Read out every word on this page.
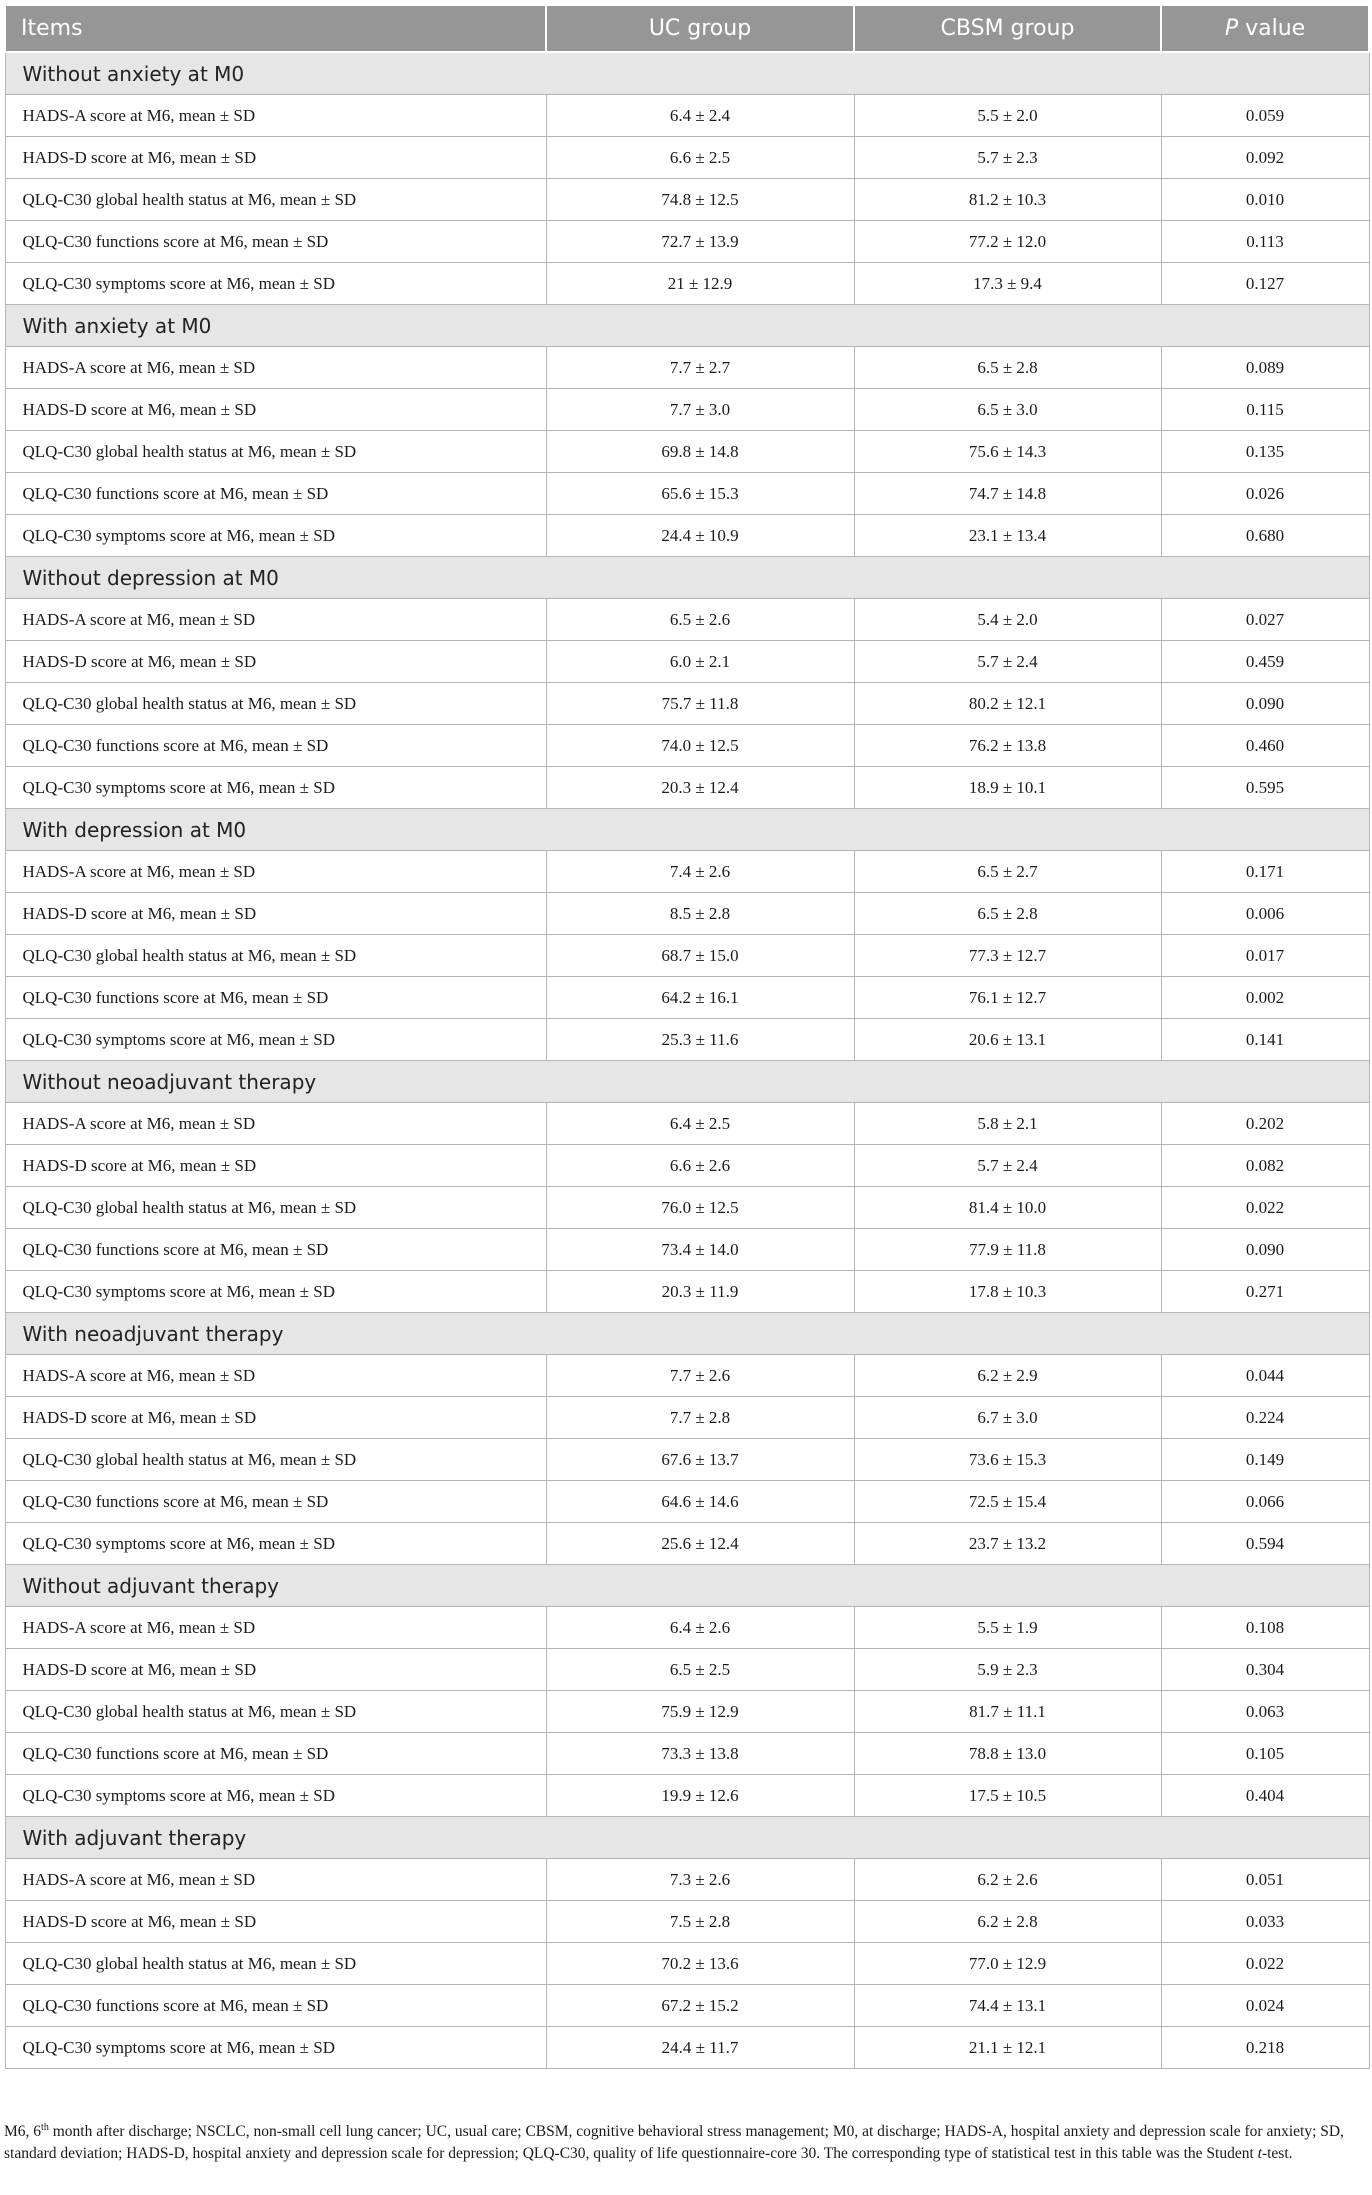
Items	UC group	CBSM group	P value
Without anxiety at M0			
HADS-A score at M6, mean ± SD	6.4 ± 2.4	5.5 ± 2.0	0.059
HADS-D score at M6, mean ± SD	6.6 ± 2.5	5.7 ± 2.3	0.092
QLQ-C30 global health status at M6, mean ± SD	74.8 ± 12.5	81.2 ± 10.3	0.010
QLQ-C30 functions score at M6, mean ± SD	72.7 ± 13.9	77.2 ± 12.0	0.113
QLQ-C30 symptoms score at M6, mean ± SD	21 ± 12.9	17.3 ± 9.4	0.127
With anxiety at M0			
HADS-A score at M6, mean ± SD	7.7 ± 2.7	6.5 ± 2.8	0.089
HADS-D score at M6, mean ± SD	7.7 ± 3.0	6.5 ± 3.0	0.115
QLQ-C30 global health status at M6, mean ± SD	69.8 ± 14.8	75.6 ± 14.3	0.135
QLQ-C30 functions score at M6, mean ± SD	65.6 ± 15.3	74.7 ± 14.8	0.026
QLQ-C30 symptoms score at M6, mean ± SD	24.4 ± 10.9	23.1 ± 13.4	0.680
Without depression at M0			
HADS-A score at M6, mean ± SD	6.5 ± 2.6	5.4 ± 2.0	0.027
HADS-D score at M6, mean ± SD	6.0 ± 2.1	5.7 ± 2.4	0.459
QLQ-C30 global health status at M6, mean ± SD	75.7 ± 11.8	80.2 ± 12.1	0.090
QLQ-C30 functions score at M6, mean ± SD	74.0 ± 12.5	76.2 ± 13.8	0.460
QLQ-C30 symptoms score at M6, mean ± SD	20.3 ± 12.4	18.9 ± 10.1	0.595
With depression at M0			
HADS-A score at M6, mean ± SD	7.4 ± 2.6	6.5 ± 2.7	0.171
HADS-D score at M6, mean ± SD	8.5 ± 2.8	6.5 ± 2.8	0.006
QLQ-C30 global health status at M6, mean ± SD	68.7 ± 15.0	77.3 ± 12.7	0.017
QLQ-C30 functions score at M6, mean ± SD	64.2 ± 16.1	76.1 ± 12.7	0.002
QLQ-C30 symptoms score at M6, mean ± SD	25.3 ± 11.6	20.6 ± 13.1	0.141
Without neoadjuvant therapy			
HADS-A score at M6, mean ± SD	6.4 ± 2.5	5.8 ± 2.1	0.202
HADS-D score at M6, mean ± SD	6.6 ± 2.6	5.7 ± 2.4	0.082
QLQ-C30 global health status at M6, mean ± SD	76.0 ± 12.5	81.4 ± 10.0	0.022
QLQ-C30 functions score at M6, mean ± SD	73.4 ± 14.0	77.9 ± 11.8	0.090
QLQ-C30 symptoms score at M6, mean ± SD	20.3 ± 11.9	17.8 ± 10.3	0.271
With neoadjuvant therapy			
HADS-A score at M6, mean ± SD	7.7 ± 2.6	6.2 ± 2.9	0.044
HADS-D score at M6, mean ± SD	7.7 ± 2.8	6.7 ± 3.0	0.224
QLQ-C30 global health status at M6, mean ± SD	67.6 ± 13.7	73.6 ± 15.3	0.149
QLQ-C30 functions score at M6, mean ± SD	64.6 ± 14.6	72.5 ± 15.4	0.066
QLQ-C30 symptoms score at M6, mean ± SD	25.6 ± 12.4	23.7 ± 13.2	0.594
Without adjuvant therapy			
HADS-A score at M6, mean ± SD	6.4 ± 2.6	5.5 ± 1.9	0.108
HADS-D score at M6, mean ± SD	6.5 ± 2.5	5.9 ± 2.3	0.304
QLQ-C30 global health status at M6, mean ± SD	75.9 ± 12.9	81.7 ± 11.1	0.063
QLQ-C30 functions score at M6, mean ± SD	73.3 ± 13.8	78.8 ± 13.0	0.105
QLQ-C30 symptoms score at M6, mean ± SD	19.9 ± 12.6	17.5 ± 10.5	0.404
With adjuvant therapy			
HADS-A score at M6, mean ± SD	7.3 ± 2.6	6.2 ± 2.6	0.051
HADS-D score at M6, mean ± SD	7.5 ± 2.8	6.2 ± 2.8	0.033
QLQ-C30 global health status at M6, mean ± SD	70.2 ± 13.6	77.0 ± 12.9	0.022
QLQ-C30 functions score at M6, mean ± SD	67.2 ± 15.2	74.4 ± 13.1	0.024
QLQ-C30 symptoms score at M6, mean ± SD	24.4 ± 11.7	21.1 ± 12.1	0.218
M6, 6th month after discharge; NSCLC, non-small cell lung cancer; UC, usual care; CBSM, cognitive behavioral stress management; M0, at discharge; HADS-A, hospital anxiety and depression scale for anxiety; SD, standard deviation; HADS-D, hospital anxiety and depression scale for depression; QLQ-C30, quality of life questionnaire-core 30. The corresponding type of statistical test in this table was the Student t-test.
